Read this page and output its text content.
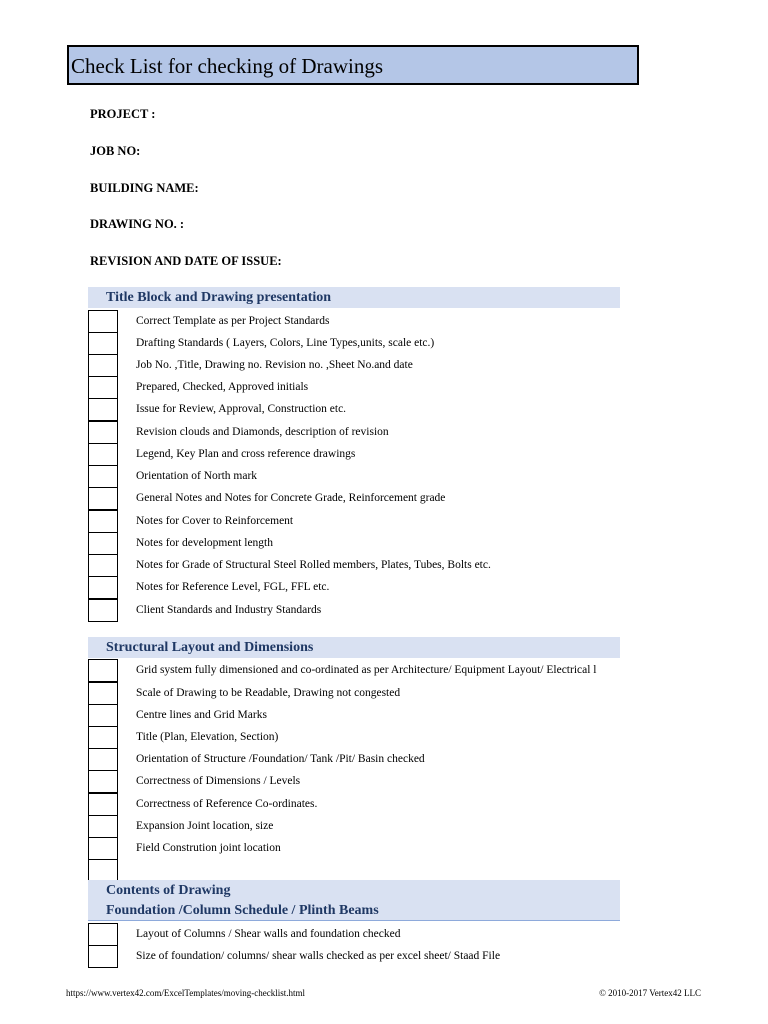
Check List for checking of Drawings
PROJECT :
JOB NO:
BUILDING NAME:
DRAWING NO. :
REVISION AND DATE OF ISSUE:
Title Block and Drawing presentation
Correct Template as per Project Standards
Drafting Standards ( Layers, Colors, Line Types,units, scale etc.)
Job No. ,Title, Drawing no. Revision no. ,Sheet No.and date
Prepared, Checked, Approved initials
Issue for Review, Approval, Construction etc.
Revision clouds and Diamonds, description of revision
Legend, Key Plan and cross reference drawings
Orientation of North mark
General Notes and Notes for Concrete Grade, Reinforcement grade
Notes for Cover to Reinforcement
Notes for development length
Notes for Grade of Structural Steel Rolled members, Plates, Tubes, Bolts etc.
Notes for Reference Level, FGL, FFL etc.
Client Standards and Industry Standards
Structural Layout and Dimensions
Grid system fully dimensioned and co-ordinated as per Architecture/ Equipment Layout/ Electrical l
Scale of Drawing to be Readable, Drawing not congested
Centre lines and Grid Marks
Title (Plan, Elevation, Section)
Orientation of Structure /Foundation/ Tank /Pit/ Basin checked
Correctness of Dimensions / Levels
Correctness of Reference Co-ordinates.
Expansion Joint location, size
Field Constrution joint location
Contents of Drawing
Foundation /Column Schedule / Plinth Beams
Layout of Columns / Shear walls and foundation checked
Size of foundation/ columns/ shear walls checked as per excel sheet/ Staad File
https://www.vertex42.com/ExcelTemplates/moving-checklist.html	© 2010-2017 Vertex42 LLC
